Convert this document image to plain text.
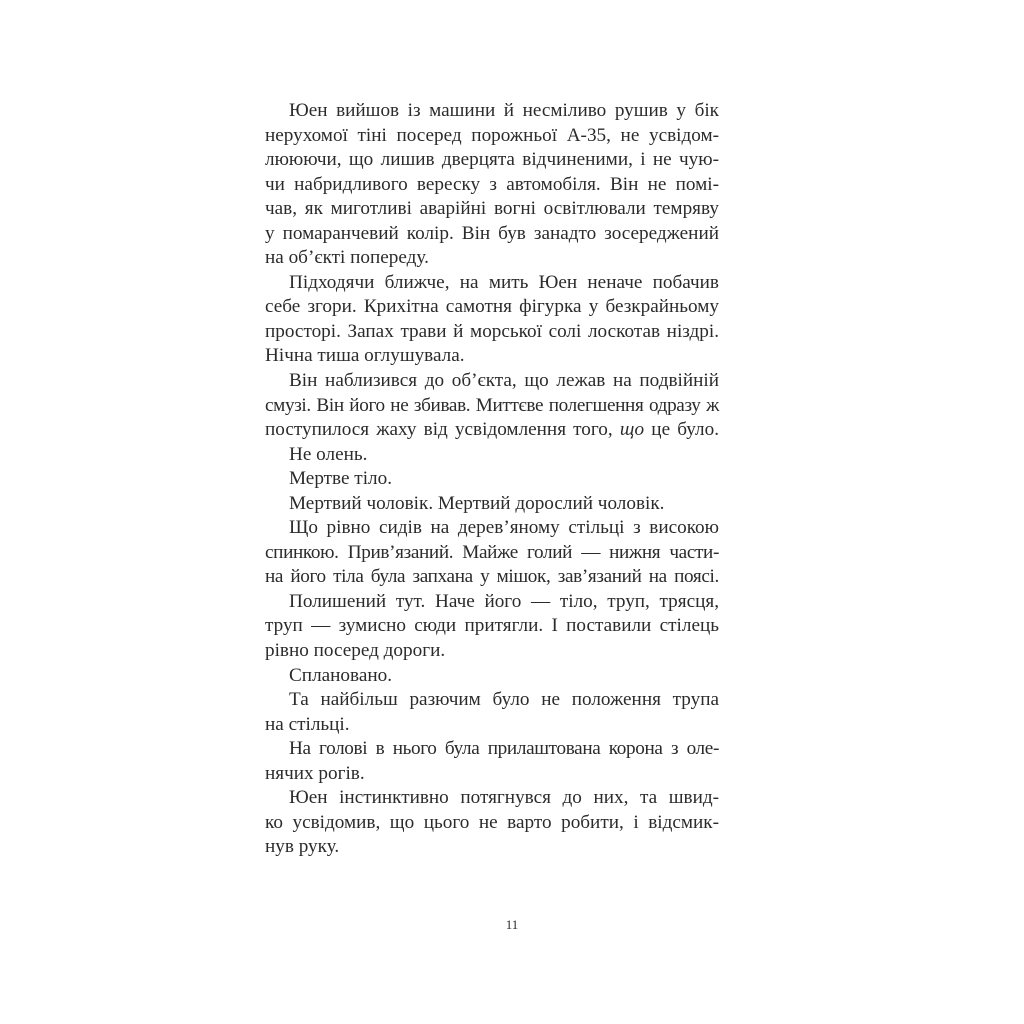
Юен вийшов із машини й несміливо рушив у бік
нерухомої тіні посеред порожньої А-35, не усвідом-
лююючи, що лишив дверцята відчиненими, і не чую-
чи набридливого вереску з автомобіля. Він не помі-
чав, як миготливі аварійні вогні освітлювали темряву
у помаранчевий колір. Він був занадто зосереджений
на об’єкті попереду.
Підходячи ближче, на мить Юен неначе побачив
себе згори. Крихітна самотня фігурка у безкрайньому
просторі. Запах трави й морської солі лоскотав ніздрі.
Нічна тиша оглушувала.
Він наблизився до об’єкта, що лежав на подвійній
смузі. Він його не збивав. Миттєве полегшення одразу ж
поступилося жаху від усвідомлення того, що це було.
Не олень.
Мертве тіло.
Мертвий чоловік. Мертвий дорослий чоловік.
Що рівно сидів на дерев’яному стільці з високою
спинкою. Прив’язаний. Майже голий — нижня части-
на його тіла була запхана у мішок, зав’язаний на поясі.
Полишений тут. Наче його — тіло, труп, трясця,
труп — зумисно сюди притягли. І поставили стілець
рівно посеред дороги.
Сплановано.
Та найбільш разючим було не положення трупа
на стільці.
На голові в нього була прилаштована корона з оле-
нячих рогів.
Юен інстинктивно потягнувся до них, та швид-
ко усвідомив, що цього не варто робити, і відсмик-
нув руку.
11
